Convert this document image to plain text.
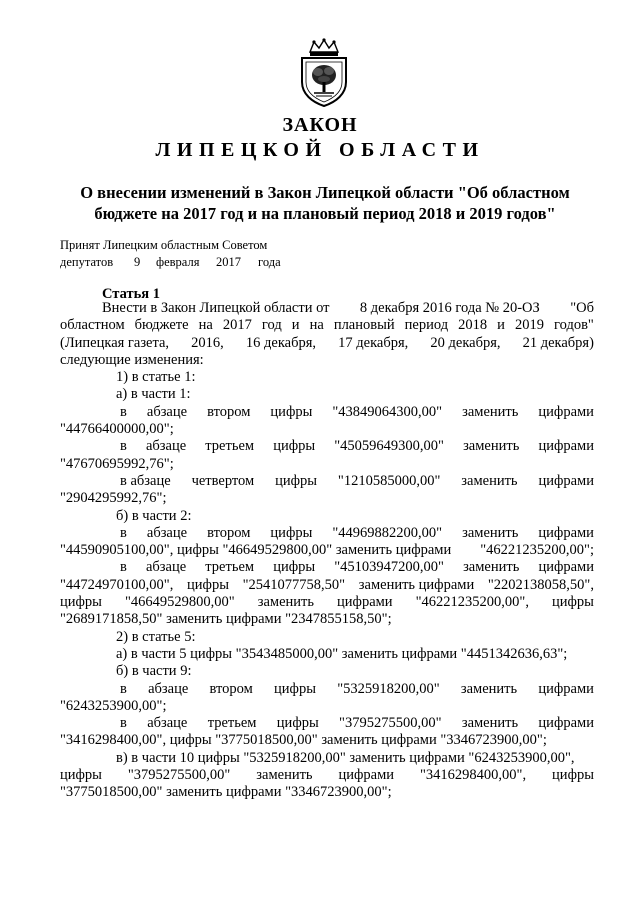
ЗАКОН
ЛИПЕЦКОЙ ОБЛАСТИ
О внесении изменений в Закон Липецкой области "Об областном
бюджете на 2017 год и на плановый период 2018 и 2019 годов"
Принят Липецким областным Советом
депутатов 9 февраля 2017 года
Статья 1
Внести в Закон Липецкой области от 8 декабря 2016 года № 20-ОЗ "Об
областном бюджете на 2017 год и на плановый период 2018 и 2019 годов"
(Липецкая газета, 2016, 16 декабря, 17 декабря, 20 декабря, 21 декабря)
следующие изменения:
1) в статье 1:
а) в части 1:
в абзаце втором цифры "43849064300,00" заменить цифрами
"44766400000,00";
в абзаце третьем цифры "45059649300,00" заменить цифрами
"47670695992,76";
в абзаце четвертом цифры "1210585000,00" заменить цифрами
"2904295992,76";
б) в части 2:
в абзаце втором цифры "44969882200,00" заменить цифрами
"44590905100,00", цифры "46649529800,00" заменить цифрами "46221235200,00";
в абзаце третьем цифры "45103947200,00" заменить цифрами
"44724970100,00", цифры "2541077758,50" заменить цифрами "2202138058,50",
цифры "46649529800,00" заменить цифрами "46221235200,00", цифры
"2689171858,50" заменить цифрами "2347855158,50";
2) в статье 5:
а) в части 5 цифры "3543485000,00" заменить цифрами "4451342636,63";
б) в части 9:
в абзаце втором цифры "5325918200,00" заменить цифрами
"6243253900,00";
в абзаце третьем цифры "3795275500,00" заменить цифрами
"3416298400,00", цифры "3775018500,00" заменить цифрами "3346723900,00";
в) в части 10 цифры "5325918200,00" заменить цифрами "6243253900,00",
цифры "3795275500,00" заменить цифрами "3416298400,00", цифры
"3775018500,00" заменить цифрами "3346723900,00";
